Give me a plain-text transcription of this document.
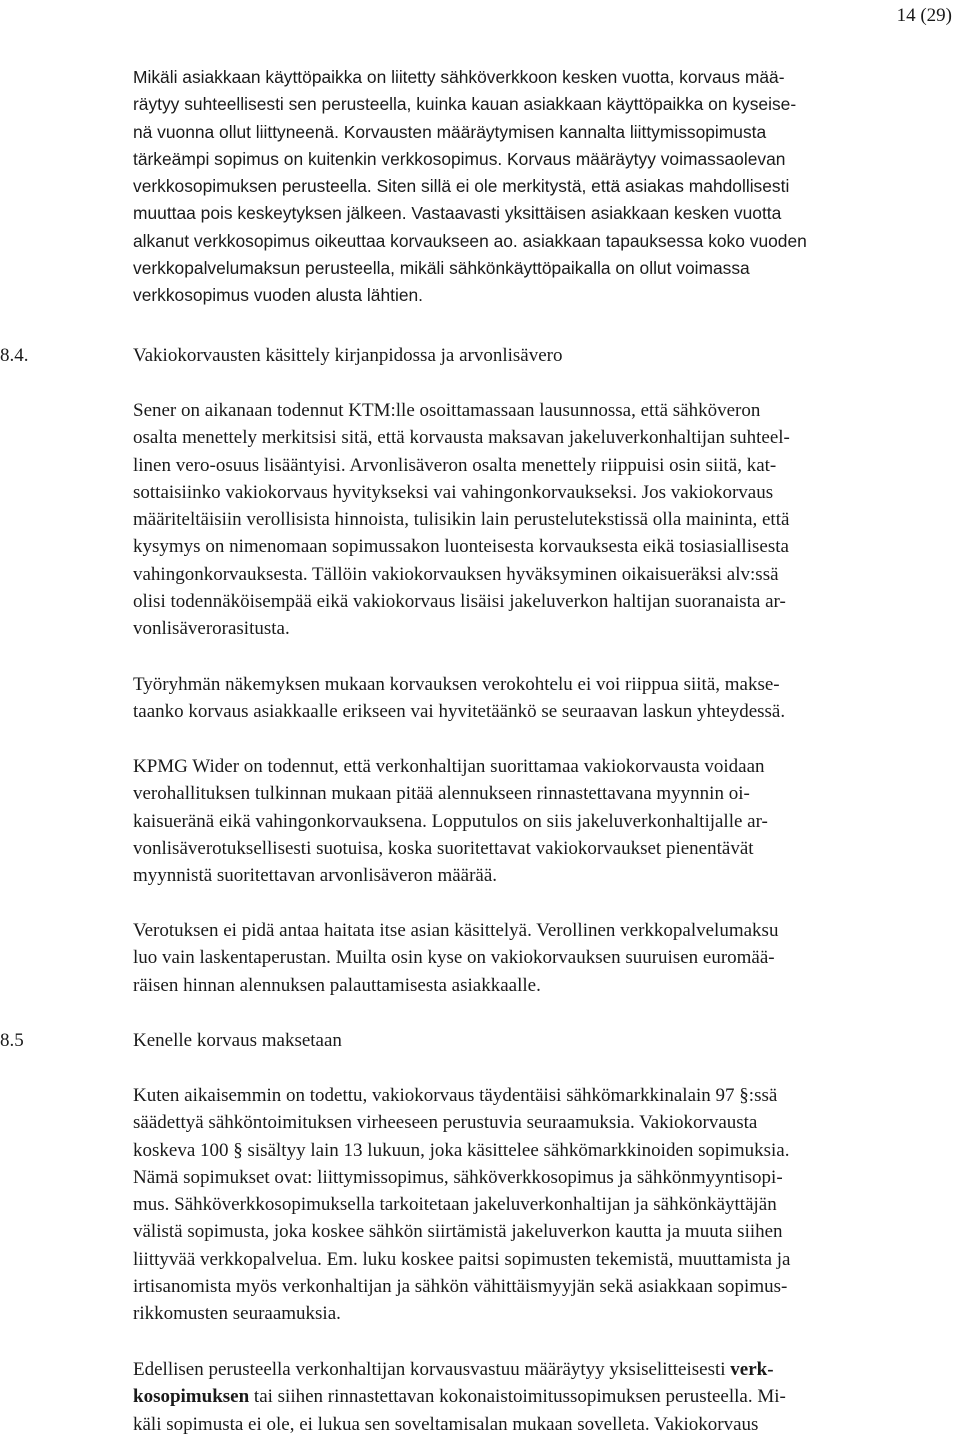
14 (29)
Mikäli asiakkaan käyttöpaikka on liitetty sähköverkkoon kesken vuotta, korvaus mää-
räytyy suhteellisesti sen perusteella, kuinka kauan asiakkaan käyttöpaikka on kyseise-
nä vuonna ollut liittyneenä. Korvausten määräytymisen kannalta liittymissopimusta
tärkeämpi sopimus on kuitenkin verkkosopimus. Korvaus määräytyy voimassaolevan
verkkosopimuksen perusteella. Siten sillä ei ole merkitystä, että asiakas mahdollisesti
muuttaa pois keskeytyksen jälkeen. Vastaavasti yksittäisen asiakkaan kesken vuotta
alkanut verkkosopimus oikeuttaa korvaukseen ao. asiakkaan tapauksessa koko vuoden
verkkopalvelumaksun perusteella, mikäli sähkönkäyttöpaikalla on ollut voimassa
verkkosopimus vuoden alusta lähtien.
8.4.	Vakiokorvausten käsittely kirjanpidossa ja arvonlisävero
Sener on aikanaan todennut KTM:lle osoittamassaan lausunnossa, että sähköveron
osalta menettely merkitsisi sitä, että korvausta maksavan jakeluverkonhaltijan suhteel-
linen vero-osuus lisääntyisi. Arvonlisäveron osalta menettely riippuisi osin siitä, kat-
sottaisiinko vakiokorvaus hyvitykseksi vai vahingonkorvaukseksi. Jos vakiokorvaus
määriteltäisiin verollisista hinnoista, tulisikin lain perustelutekstissä olla maininta, että
kysymys on nimenomaan sopimussakon luonteisesta korvauksesta eikä tosiasiallisesta
vahingonkorvauksesta. Tällöin vakiokorvauksen hyväksyminen oikaisueräksi alv:ssä
olisi todennäköisempää eikä vakiokorvaus lisäisi jakeluverkon haltijan suoranaista ar-
vonlisäverorasitusta.
Työryhmän näkemyksen mukaan korvauksen verokohtelu ei voi riippua siitä, makse-
taanko korvaus asiakkaalle erikseen vai hyvitetäänkö se seuraavan laskun yhteydessä.
KPMG Wider on todennut, että verkonhaltijan suorittamaa vakiokorvausta voidaan
verohallituksen tulkinnan mukaan pitää alennukseen rinnastettavana myynnin oi-
kaisueränä eikä vahingonkorvauksena. Lopputulos on siis jakeluverkonhaltijalle ar-
vonlisäverotuksellisesti suotuisa, koska suoritettavat vakiokorvaukset pienentävät
myynnistä suoritettavan arvonlisäveron määrää.
Verotuksen ei pidä antaa haitata itse asian käsittelyä. Verollinen verkkopalvelumaksu
luo vain laskentaperustan. Muilta osin kyse on vakiokorvauksen suuruisen euromää-
räisen hinnan alennuksen palauttamisesta asiakkaalle.
8.5	Kenelle korvaus maksetaan
Kuten aikaisemmin on todettu, vakiokorvaus täydentäisi sähkömarkkinalain 97 §:ssä
säädettyä sähköntoimituksen virheeseen perustuvia seuraamuksia. Vakiokorvausta
koskeva 100 § sisältyy lain 13 lukuun, joka käsittelee sähkömarkkinoiden sopimuksia.
Nämä sopimukset ovat: liittymissopimus, sähköverkkosopimus ja sähkönmyyntisopi-
mus. Sähköverkkosopimuksella tarkoitetaan jakeluverkonhaltijan ja sähkönkäyttäjän
välistä sopimusta, joka koskee sähkön siirtämistä jakeluverkon kautta ja muuta siihen
liittyvää verkkopalvelua. Em. luku koskee paitsi sopimusten tekemistä, muuttamista ja
irtisanomista myös verkonhaltijan ja sähkön vähittäismyyjän sekä asiakkaan sopimus-
rikkomusten seuraamuksia.
Edellisen perusteella verkonhaltijan korvausvastuu määräytyy yksiselitteisesti verk-
kosopimuksen tai siihen rinnastettavan kokonaistoimitussopimuksen perusteella. Mi-
käli sopimusta ei ole, ei lukua sen soveltamisalan mukaan sovelleta. Vakiokorvaus
